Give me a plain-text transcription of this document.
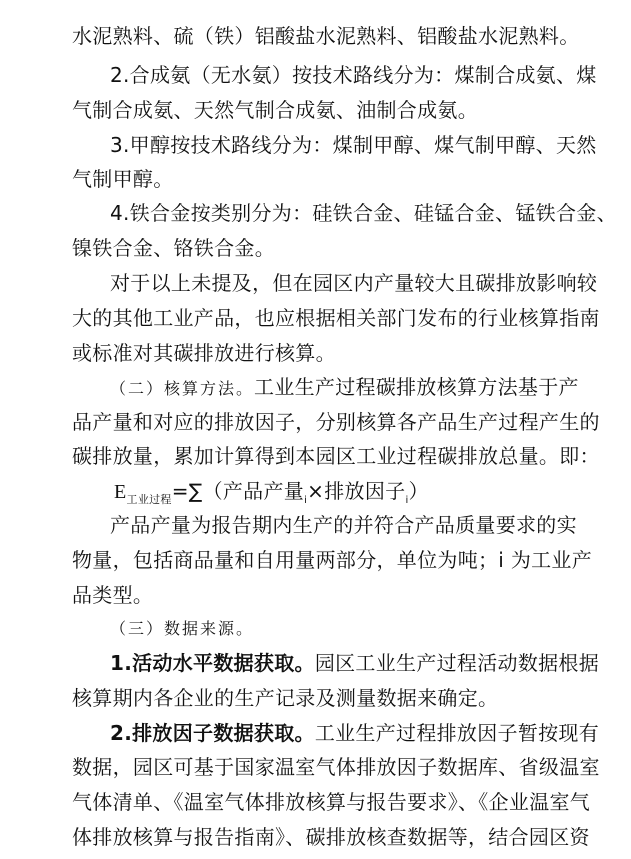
水泥熟料、硫（铁）铝酸盐水泥熟料、铝酸盐水泥熟料。
2.合成氨（无水氨）按技术路线分为：煤制合成氨、煤
气制合成氨、天然气制合成氨、油制合成氨。
3.甲醇按技术路线分为：煤制甲醇、煤气制甲醇、天然
气制甲醇。
4.铁合金按类别分为：硅铁合金、硅锰合金、锰铁合金、
镍铁合金、铬铁合金。
对于以上未提及，但在园区内产量较大且碳排放影响较
大的其他工业产品，也应根据相关部门发布的行业核算指南
或标准对其碳排放进行核算。
（二）核算方法。工业生产过程碳排放核算方法基于产
品产量和对应的排放因子，分别核算各产品生产过程产生的
碳排放量，累加计算得到本园区工业过程碳排放总量。即：
$E_{工业过程}=\sum$（产品产量$_i$×排放因子$_i$）
产品产量为报告期内生产的并符合产品质量要求的实
物量，包括商品量和自用量两部分，单位为吨；i 为工业产
品类型。
（三）数据来源。
1.活动水平数据获取。园区工业生产过程活动数据根据
核算期内各企业的生产记录及测量数据来确定。
2.排放因子数据获取。工业生产过程排放因子暂按现有
数据，园区可基于国家温室气体排放因子数据库、省级温室
气体清单、《温室气体排放核算与报告要求》、《企业温室气
体排放核算与报告指南》、碳排放核查数据等，结合园区资
